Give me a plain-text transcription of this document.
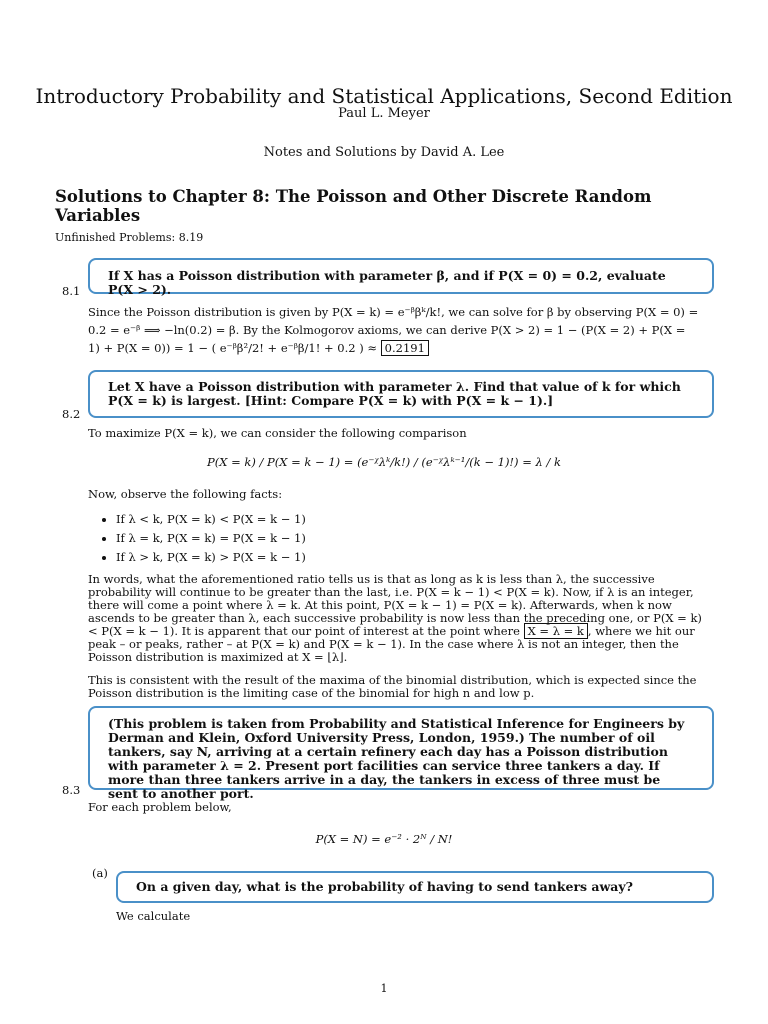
Introductory Probability and Statistical Applications, Second Edition
Paul L. Meyer
Notes and Solutions by David A. Lee
Solutions to Chapter 8: The Poisson and Other Discrete Random Variables
Unfinished Problems: 8.19
If X has a Poisson distribution with parameter β, and if P(X = 0) = 0.2, evaluate P(X > 2).
8.1
Since the Poisson distribution is given by P(X = k) = e⁻ᵝβᵏ/k!, we can solve for β by observing P(X = 0) =
0.2 = e⁻ᵝ ⟹ −ln(0.2) = β. By the Kolmogorov axioms, we can derive P(X > 2) = 1 − (P(X = 2) + P(X =
1) + P(X = 0)) = 1 − ( e⁻ᵝβ²/2! + e⁻ᵝβ/1! + 0.2 ) ≈ 0.2191
Let X have a Poisson distribution with parameter λ. Find that value of k for which
P(X = k) is largest. [Hint: Compare P(X = k) with P(X = k − 1).]
8.2
To maximize P(X = k), we can consider the following comparison
P(X = k) / P(X = k − 1) = (e⁻ᵡλᵏ/k!) / (e⁻ᵡλᵏ⁻¹/(k − 1)!) = λ / k
Now, observe the following facts:
• If λ < k, P(X = k) < P(X = k − 1)
• If λ = k, P(X = k) = P(X = k − 1)
• If λ > k, P(X = k) > P(X = k − 1)
In words, what the aforementioned ratio tells us is that as long as k is less than λ, the successive probability will continue to be greater than the last, i.e. P(X = k − 1) < P(X = k). Now, if λ is an integer, there will come a point where λ = k. At this point, P(X = k − 1) = P(X = k). Afterwards, when k now ascends to be greater than λ, each successive probability is now less than the preceding one, or P(X = k) < P(X = k − 1). It is apparent that our point of interest at the point where X = λ = k , where we hit our peak – or peaks, rather – at P(X = k) and P(X = k − 1). In the case where λ is not an integer, then the Poisson distribution is maximized at X = ⌊λ⌋.
This is consistent with the result of the maxima of the binomial distribution, which is expected since the Poisson distribution is the limiting case of the binomial for high n and low p.
(This problem is taken from Probability and Statistical Inference for Engineers by Derman and Klein, Oxford University Press, London, 1959.) The number of oil tankers, say N, arriving at a certain refinery each day has a Poisson distribution with parameter λ = 2. Present port facilities can service three tankers a day. If more than three tankers arrive in a day, the tankers in excess of three must be sent to another port.
8.3
For each problem below,
P(X = N) = e⁻² · 2ᴺ / N!
On a given day, what is the probability of having to send tankers away?
(a)
We calculate
1
